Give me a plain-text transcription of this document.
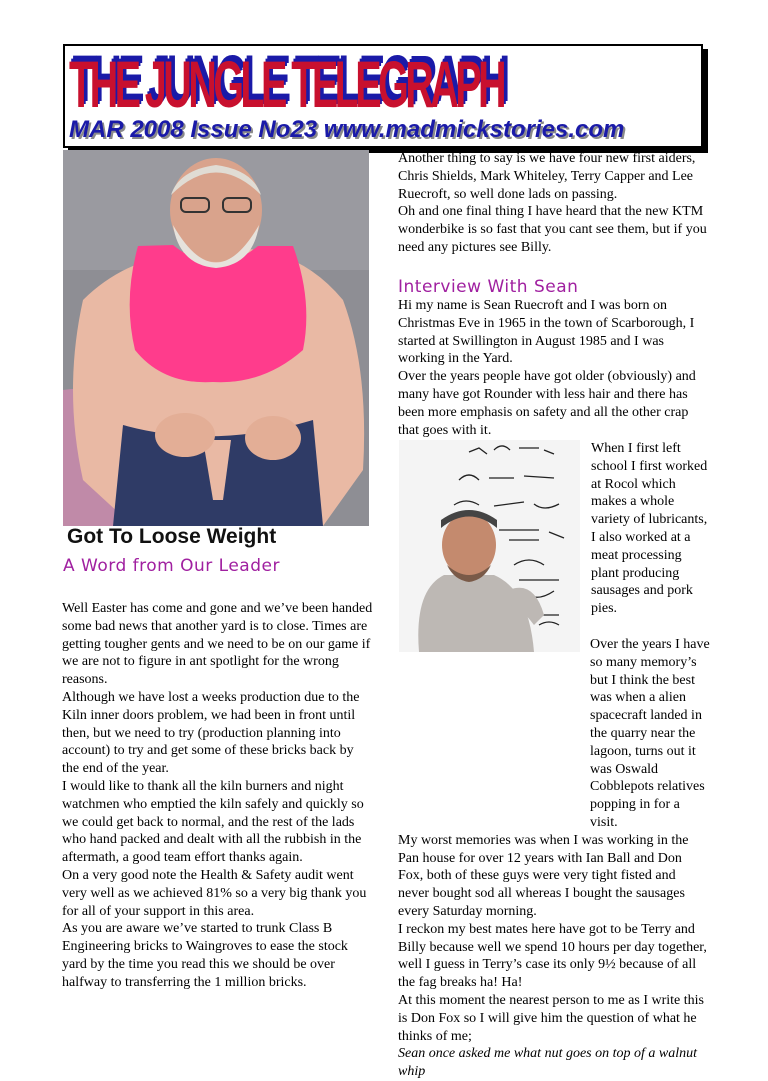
THE JUNGLE TELEGRAPH
MAR 2008 Issue No23 www.madmickstories.com
Got To Loose Weight
A Word from Our Leader

Well Easter has come and gone and we’ve been handed some bad news that another yard is to close. Times are getting tougher gents and we need to be on our game if we are not to figure in ant spotlight for the wrong reasons.

Although we have lost a weeks production due to the Kiln inner doors problem, we had been in front until then, but we need to try (production planning into account) to try and get some of these bricks back by the end of the year.

I would like to thank all the kiln burners and night watchmen who emptied the kiln safely and quickly so we could get back to normal, and the rest of the lads who hand packed and dealt with all the rubbish in the aftermath, a good team effort thanks again.

On a very good note the Health & Safety audit went very well as we achieved 81% so a very big thank you for all of your support in this area.

As you are aware we’ve started to trunk Class B Engineering bricks to Waingroves to ease the stock yard by the time you read this we should be over halfway to transferring the 1 million bricks.

Another thing to say is we have four new first aiders, Chris Shields, Mark Whiteley, Terry Capper and Lee Ruecroft, so well done lads on passing.

Oh and one final thing I have heard that the new KTM wonderbike is so fast that you cant see them, but if you need any pictures see Billy.

Interview With Sean

Hi my name is Sean Ruecroft and I was born on Christmas Eve in 1965 in the town of Scarborough, I started at Swillington in August 1985 and I was working in the Yard.

Over the years people have got older (obviously) and many have got Rounder with less hair and there has been more emphasis on safety and all the other crap that goes with it.

When I first left school I first worked at Rocol which makes a whole variety of lubricants, I also worked at a meat processing plant producing sausages and pork pies.

Over the years I have so many memory’s but I think the best was when a alien spacecraft landed in the quarry near the lagoon, turns out it was Oswald Cobblepots relatives popping in for a visit.

My worst memories was when I was working in the Pan house for over 12 years with Ian Ball and Don Fox, both of these guys were very tight fisted and never bought sod all whereas I bought the sausages every Saturday morning.

I reckon my best mates here have got to be Terry and Billy because well we spend 10 hours per day together, well I guess in Terry’s case its only 9½ because of all the fag breaks ha! Ha!

At this moment the nearest person to me as I write this is Don Fox so I will give him the question of what he thinks of me;

Sean once asked me what nut goes on top of a walnut whip
